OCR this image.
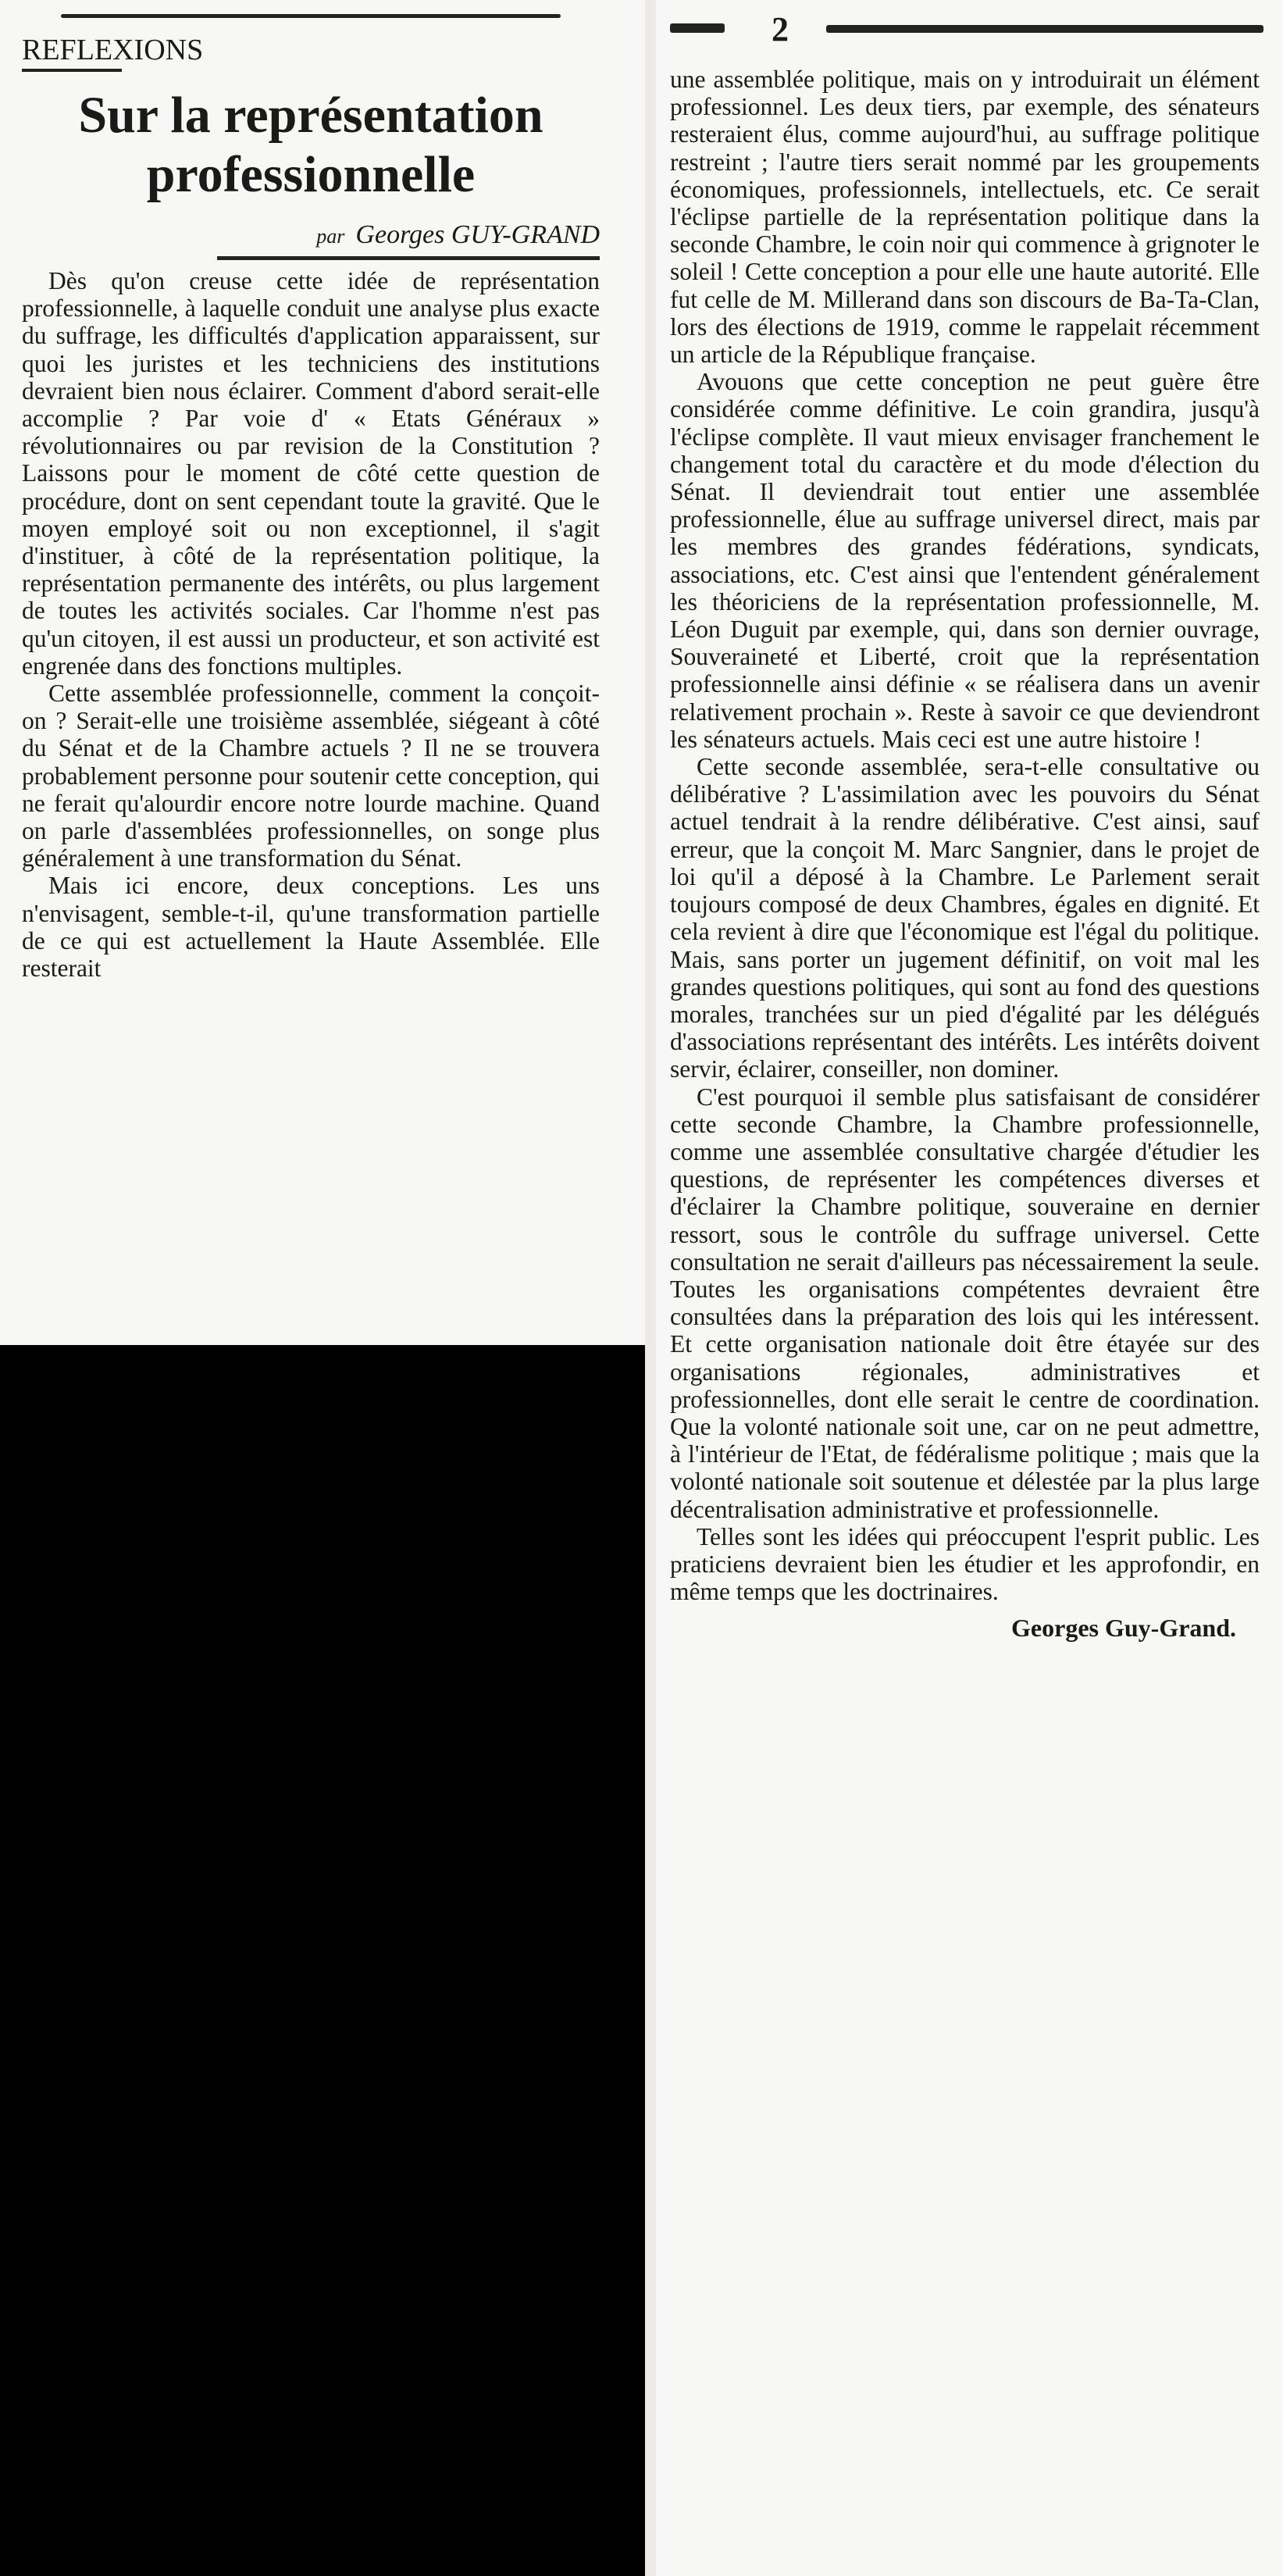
REFLEXIONS
Sur la représentation professionnelle
par Georges GUY-GRAND

Dès qu'on creuse cette idée de représentation professionnelle, à laquelle conduit une analyse plus exacte du suffrage, les difficultés d'application apparaissent, sur quoi les juristes et les techniciens des institutions devraient bien nous éclairer. Comment d'abord serait-elle accomplie ? Par voie d' « Etats Généraux » révolutionnaires ou par revision de la Constitution ? Laissons pour le moment de côté cette question de procédure, dont on sent cependant toute la gravité. Que le moyen employé soit ou non exceptionnel, il s'agit d'instituer, à côté de la représentation politique, la représentation permanente des intérêts, ou plus largement de toutes les activités sociales. Car l'homme n'est pas qu'un citoyen, il est aussi un producteur, et son activité est engrenée dans des fonctions multiples.

Cette assemblée professionnelle, comment la conçoit-on ? Serait-elle une troisième assemblée, siégeant à côté du Sénat et de la Chambre actuels ? Il ne se trouvera probablement personne pour soutenir cette conception, qui ne ferait qu'alourdir encore notre lourde machine. Quand on parle d'assemblées professionnelles, on songe plus généralement à une transformation du Sénat.

Mais ici encore, deux conceptions. Les uns n'envisagent, semble-t-il, qu'une transformation partielle de ce qui est actuellement la Haute Assemblée. Elle resterait

2

une assemblée politique, mais on y introduirait un élément professionnel. Les deux tiers, par exemple, des sénateurs resteraient élus, comme aujourd'hui, au suffrage politique restreint ; l'autre tiers serait nommé par les groupements économiques, professionnels, intellectuels, etc. Ce serait l'éclipse partielle de la représentation politique dans la seconde Chambre, le coin noir qui commence à grignoter le soleil ! Cette conception a pour elle une haute autorité. Elle fut celle de M. Millerand dans son discours de Ba-Ta-Clan, lors des élections de 1919, comme le rappelait récemment un article de la République française.

Avouons que cette conception ne peut guère être considérée comme définitive. Le coin grandira, jusqu'à l'éclipse complète. Il vaut mieux envisager franchement le changement total du caractère et du mode d'élection du Sénat. Il deviendrait tout entier une assemblée professionnelle, élue au suffrage universel direct, mais par les membres des grandes fédérations, syndicats, associations, etc. C'est ainsi que l'entendent généralement les théoriciens de la représentation professionnelle, M. Léon Duguit par exemple, qui, dans son dernier ouvrage, Souveraineté et Liberté, croit que la représentation professionnelle ainsi définie « se réalisera dans un avenir relativement prochain ». Reste à savoir ce que deviendront les sénateurs actuels. Mais ceci est une autre histoire !

Cette seconde assemblée, sera-t-elle consultative ou délibérative ? L'assimilation avec les pouvoirs du Sénat actuel tendrait à la rendre délibérative. C'est ainsi, sauf erreur, que la conçoit M. Marc Sangnier, dans le projet de loi qu'il a déposé à la Chambre. Le Parlement serait toujours composé de deux Chambres, égales en dignité. Et cela revient à dire que l'économique est l'égal du politique. Mais, sans porter un jugement définitif, on voit mal les grandes questions politiques, qui sont au fond des questions morales, tranchées sur un pied d'égalité par les délégués d'associations représentant des intérêts. Les intérêts doivent servir, éclairer, conseiller, non dominer.

C'est pourquoi il semble plus satisfaisant de considérer cette seconde Chambre, la Chambre professionnelle, comme une assemblée consultative chargée d'étudier les questions, de représenter les compétences diverses et d'éclairer la Chambre politique, souveraine en dernier ressort, sous le contrôle du suffrage universel. Cette consultation ne serait d'ailleurs pas nécessairement la seule. Toutes les organisations compétentes devraient être consultées dans la préparation des lois qui les intéressent. Et cette organisation nationale doit être étayée sur des organisations régionales, administratives et professionnelles, dont elle serait le centre de coordination. Que la volonté nationale soit une, car on ne peut admettre, à l'intérieur de l'Etat, de fédéralisme politique ; mais que la volonté nationale soit soutenue et délestée par la plus large décentralisation administrative et professionnelle.

Telles sont les idées qui préoccupent l'esprit public. Les praticiens devraient bien les étudier et les approfondir, en même temps que les doctrinaires.

Georges Guy-Grand.
